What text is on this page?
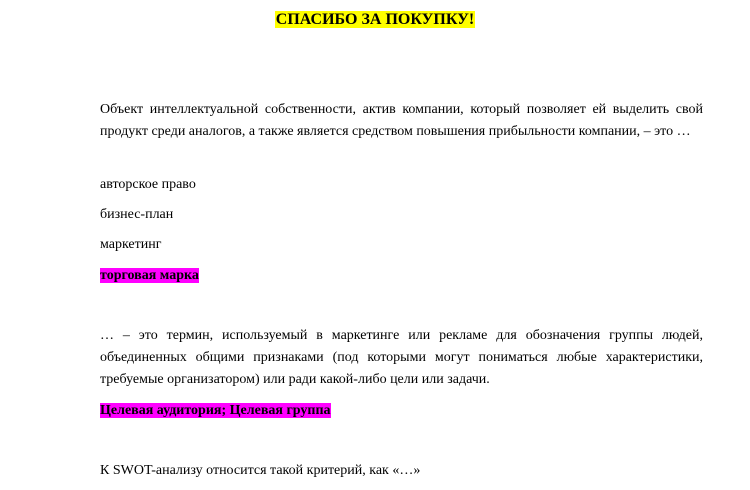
СПАСИБО ЗА ПОКУПКУ!
Объект интеллектуальной собственности, актив компании, который позволяет ей выделить свой продукт среди аналогов, а также является средством повышения прибыльности компании, – это …
авторское право
бизнес-план
маркетинг
торговая марка
… – это термин, используемый в маркетинге или рекламе для обозначения группы людей, объединенных общими признаками (под которыми могут пониматься любые характеристики, требуемые организатором) или ради какой-либо цели или задачи.
Целевая аудитория; Целевая группа
К SWOT-анализу относится такой критерий, как «…»
